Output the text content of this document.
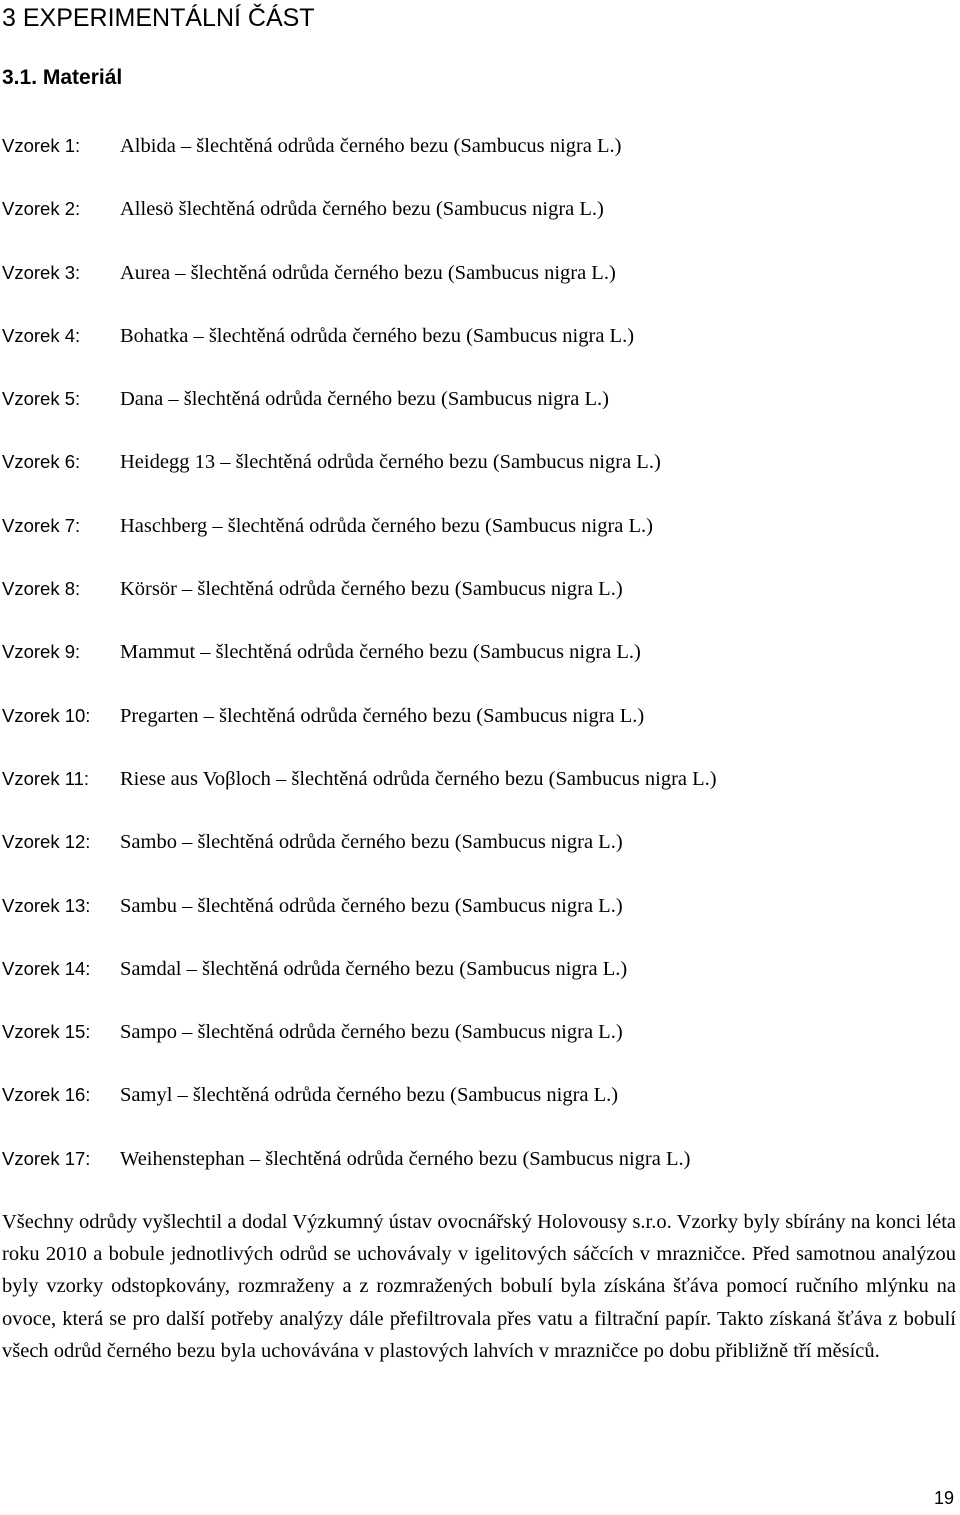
3 EXPERIMENTÁLNÍ ČÁST
3.1. Materiál
Vzorek 1:	Albida – šlechtěná odrůda černého bezu (Sambucus nigra L.)
Vzorek 2:	Allesö šlechtěná odrůda černého bezu (Sambucus nigra L.)
Vzorek 3:	Aurea – šlechtěná odrůda černého bezu (Sambucus nigra L.)
Vzorek 4:	Bohatka – šlechtěná odrůda černého bezu (Sambucus nigra L.)
Vzorek 5:	Dana – šlechtěná odrůda černého bezu (Sambucus nigra L.)
Vzorek 6:	Heidegg 13 – šlechtěná odrůda černého bezu (Sambucus nigra L.)
Vzorek 7:	Haschberg – šlechtěná odrůda černého bezu (Sambucus nigra L.)
Vzorek 8:	Körsör – šlechtěná odrůda černého bezu (Sambucus nigra L.)
Vzorek 9:	Mammut – šlechtěná odrůda černého bezu (Sambucus nigra L.)
Vzorek 10:	Pregarten – šlechtěná odrůda černého bezu (Sambucus nigra L.)
Vzorek 11:	Riese aus Voβloch – šlechtěná odrůda černého bezu (Sambucus nigra L.)
Vzorek 12:	Sambo – šlechtěná odrůda černého bezu (Sambucus nigra L.)
Vzorek 13:	Sambu – šlechtěná odrůda černého bezu (Sambucus nigra L.)
Vzorek 14:	Samdal – šlechtěná odrůda černého bezu (Sambucus nigra L.)
Vzorek 15:	Sampo – šlechtěná odrůda černého bezu (Sambucus nigra L.)
Vzorek 16:	Samyl – šlechtěná odrůda černého bezu (Sambucus nigra L.)
Vzorek 17:	Weihenstephan – šlechtěná odrůda černého bezu (Sambucus nigra L.)

Všechny odrůdy vyšlechtil a dodal Výzkumný ústav ovocnářský Holovousy s.r.o. Vzorky byly sbírány na konci léta roku 2010 a bobule jednotlivých odrůd se uchovávaly v igelitových sáčcích v mrazničce. Před samotnou analýzou byly vzorky odstopkovány, rozmraženy a z rozmražených bobulí byla získána šťáva pomocí ručního mlýnku na ovoce, která se pro další potřeby analýzy dále přefiltrovala přes vatu a filtrační papír. Takto získaná šťáva z bobulí všech odrůd černého bezu byla uchovávána v plastových lahvích v mrazničce po dobu přibližně tří měsíců.

19
